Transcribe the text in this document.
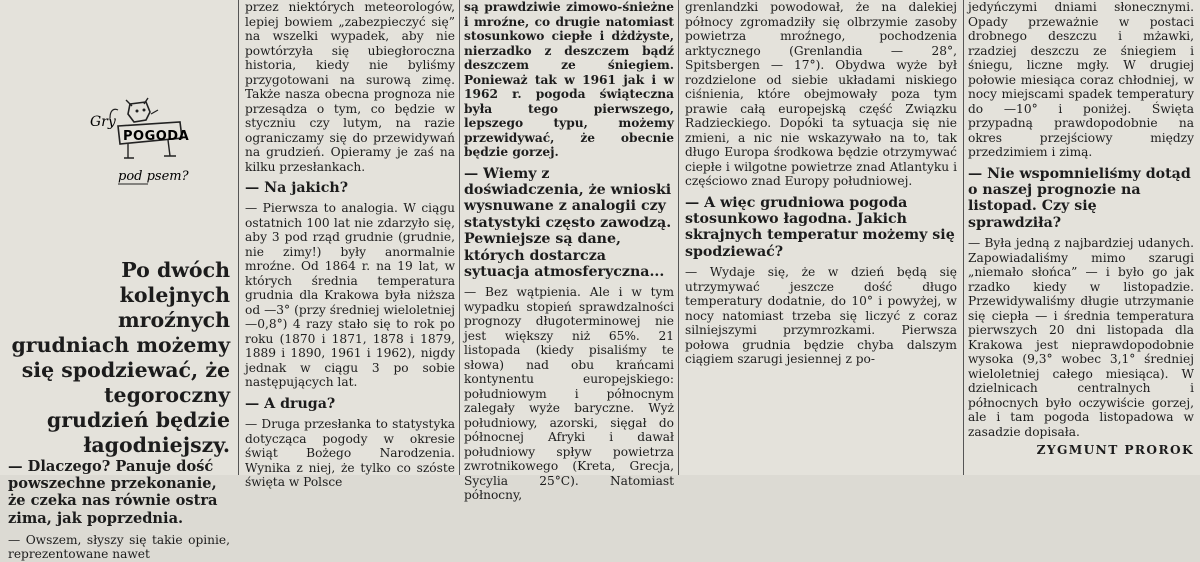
Gry
POGODA
pod psem?

Po dwóch kolejnych mroźnych grudniach możemy się spodziewać, że tegoroczny grudzień będzie łagodniejszy.

— Dlaczego? Panuje dość powszechne przekonanie, że czeka nas równie ostra zima, jak poprzednia.

— Owszem, słyszy się takie opinie, reprezentowane nawet

przez niektórych meteorologów, lepiej bowiem „zabezpieczyć się” na wszelki wypadek, aby nie powtórzyła się ubiegłoroczna historia, kiedy nie byliśmy przygotowani na surową zimę. Także nasza obecna prognoza nie przesądza o tym, co będzie w styczniu czy lutym, na razie ograniczamy się do przewidywań na grudzień. Opieramy je zaś na kilku przesłankach.

— Na jakich?

— Pierwsza to analogia. W ciągu ostatnich 100 lat nie zdarzyło się, aby 3 pod rząd grudnie (grudnie, nie zimy!) były anormalnie mroźne. Od 1864 r. na 19 lat, w których średnia temperatura grudnia dla Krakowa była niższa od —3° (przy średniej wieloletniej —0,8°) 4 razy stało się to rok po roku (1870 i 1871, 1878 i 1879, 1889 i 1890, 1961 i 1962), nigdy jednak w ciągu 3 po sobie następujących lat.

— A druga?

— Druga przesłanka to statystyka dotycząca pogody w okresie świąt Bożego Narodzenia. Wynika z niej, że tylko co szóste święta w Polsce

są prawdziwie zimowo-śnieżne i mroźne, co drugie natomiast stosunkowo ciepłe i dżdżyste, nierzadko z deszczem bądź deszczem ze śniegiem. Ponieważ tak w 1961 jak i w 1962 r. pogoda świąteczna była tego pierwszego, lepszego typu, możemy przewidywać, że obecnie będzie gorzej.

— Wiemy z doświadczenia, że wnioski wysnuwane z analogii czy statystyki często zawodzą. Pewniejsze są dane, których dostarcza sytuacja atmosferyczna...

— Bez wątpienia. Ale i w tym wypadku stopień sprawdzalności prognozy długoterminowej nie jest większy niż 65%. 21 listopada (kiedy pisaliśmy te słowa) nad obu krańcami kontynentu europejskiego: południowym i północnym zalegały wyże baryczne. Wyż południowy, azorski, sięgał do północnej Afryki i dawał południowy spływ powietrza zwrotnikowego (Kreta, Grecja, Sycylia 25°C). Natomiast północny,

grenlandzki powodował, że na dalekiej północy zgromadziły się olbrzymie zasoby powietrza mroźnego, pochodzenia arktycznego (Grenlandia — 28°, Spitsbergen — 17°). Obydwa wyże był rozdzielone od siebie układami niskiego ciśnienia, które obejmowały poza tym prawie całą europejską część Związku Radzieckiego. Dopóki ta sytuacja się nie zmieni, a nic nie wskazywało na to, tak długo Europa środkowa będzie otrzymywać ciepłe i wilgotne powietrze znad Atlantyku i częściowo znad Europy południowej.

— A więc grudniowa pogoda stosunkowo łagodna. Jakich skrajnych temperatur możemy się spodziewać?

— Wydaje się, że w dzień będą się utrzymywać jeszcze dość długo temperatury dodatnie, do 10° i powyżej, w nocy natomiast trzeba się liczyć z coraz silniejszymi przymrozkami. Pierwsza połowa grudnia będzie chyba dalszym ciągiem szarugi jesiennej z po-

jedyńczymi dniami słonecznymi. Opady przeważnie w postaci drobnego deszczu i mżawki, rzadziej deszczu ze śniegiem i śniegu, liczne mgły. W drugiej połowie miesiąca coraz chłodniej, w nocy miejscami spadek temperatury do —10° i poniżej. Święta przypadną prawdopodobnie na okres przejściowy między przedzimiem i zimą.

— Nie wspomnieliśmy dotąd o naszej prognozie na listopad. Czy się sprawdziła?

— Była jedną z najbardziej udanych. Zapowiadaliśmy mimo szarugi „niemało słońca” — i było go jak rzadko kiedy w listopadzie. Przewidywaliśmy długie utrzymanie się ciepła — i średnia temperatura pierwszych 20 dni listopada dla Krakowa jest nieprawdopodobnie wysoka (9,3° wobec 3,1° średniej wieloletniej całego miesiąca). W dzielnicach centralnych i północnych było oczywiście gorzej, ale i tam pogoda listopadowa w zasadzie dopisała.

ZYGMUNT PROROK
